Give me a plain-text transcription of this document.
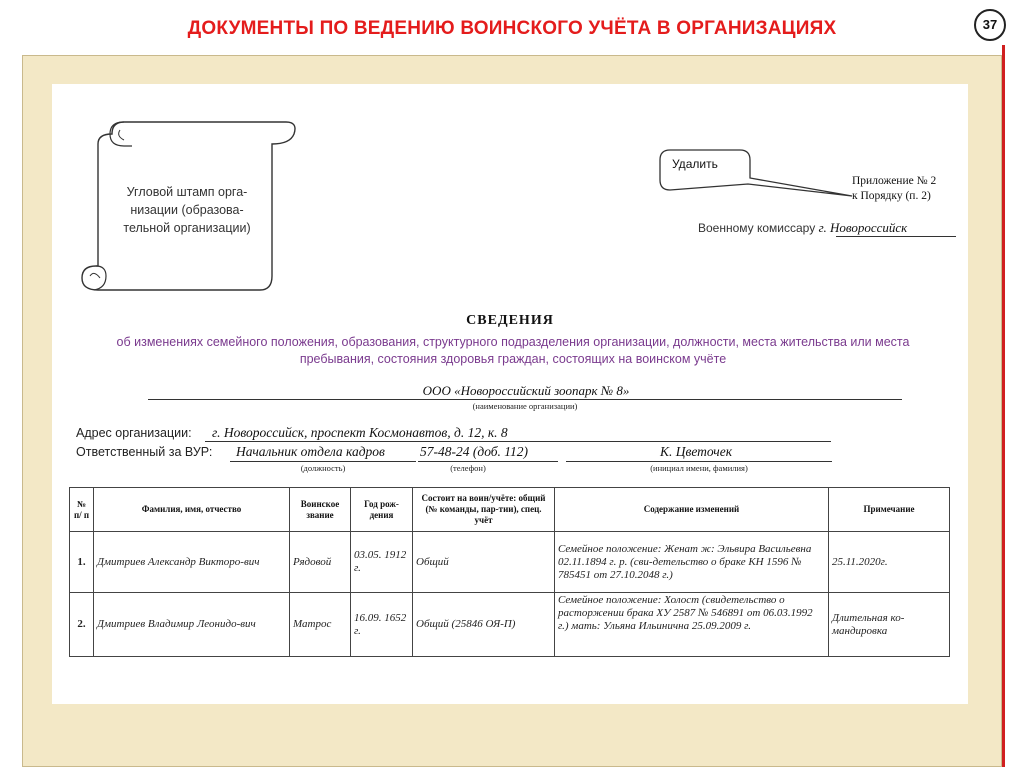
ДОКУМЕНТЫ ПО ВЕДЕНИЮ ВОИНСКОГО УЧЁТА В ОРГАНИЗАЦИЯХ	37
Угловой штамп орга-низации (образова-тельной организации)
Удалить
Приложение № 2
к Порядку (п. 2)
Военному комиссару г. Новороссийск
СВЕДЕНИЯ
об изменениях семейного положения, образования, структурного подразделения организации, должности, места жительства или места пребывания, состояния здоровья граждан, состоящих на воинском учёте
ООО «Новороссийский зоопарк № 8»
(наименование организации)
Адрес организации: г. Новороссийск, проспект Космонавтов, д. 12, к. 8
Ответственный за ВУР: Начальник отдела кадров	57-48-24 (доб. 112)	К. Цветочек
(должность)	(телефон)	(инициал имени, фамилия)
№ п/ п	Фамилия, имя, отчество	Воинское звание	Год рож-дения	Состоит на воин/учёте: общий (№ команды, пар-тии), спец. учёт	Содержание изменений	Примечание
1.	Дмитриев Александр Викторо-вич	Рядовой	03.05. 1912 г.	Общий	Семейное положение: Женат ж: Эльвира Васильевна 02.11.1894 г. р. (сви-детельство о браке КН 1596 № 785451 от 27.10.2048 г.)	25.11.2020г.
2.	Дмитриев Владимир Леонидо-вич	Матрос	16.09. 1652 г.	Общий (25846 ОЯ-П)	Семейное положение: Холост (свидетельство о расторжении брака ХУ 2587 № 546891 от 06.03.1992 г.) мать: Ульяна Ильинична 25.09.2009 г.	Длительная ко-мандировка
